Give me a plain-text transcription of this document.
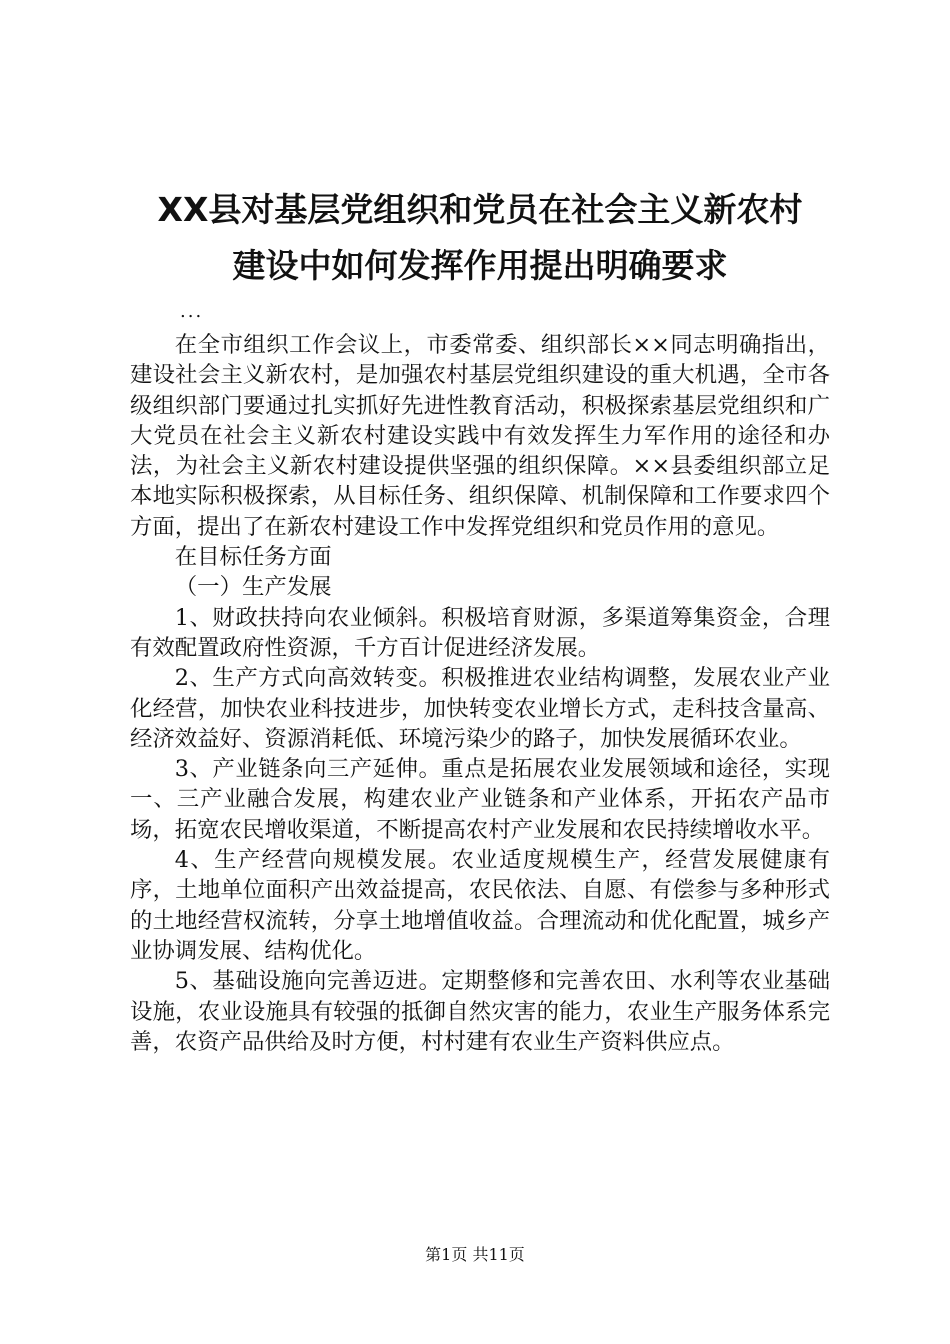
XX县对基层党组织和党员在社会主义新农村
建设中如何发挥作用提出明确要求
...

在全市组织工作会议上，市委常委、组织部长××同志明确指出，建设社会主义新农村，是加强农村基层党组织建设的重大机遇，全市各级组织部门要通过扎实抓好先进性教育活动，积极探索基层党组织和广大党员在社会主义新农村建设实践中有效发挥生力军作用的途径和办法，为社会主义新农村建设提供坚强的组织保障。××县委组织部立足本地实际积极探索，从目标任务、组织保障、机制保障和工作要求四个方面，提出了在新农村建设工作中发挥党组织和党员作用的意见。

在目标任务方面

（一）生产发展

1、财政扶持向农业倾斜。积极培育财源，多渠道筹集资金，合理有效配置政府性资源，千方百计促进经济发展。

2、生产方式向高效转变。积极推进农业结构调整，发展农业产业化经营，加快农业科技进步，加快转变农业增长方式，走科技含量高、经济效益好、资源消耗低、环境污染少的路子，加快发展循环农业。

3、产业链条向三产延伸。重点是拓展农业发展领域和途径，实现一、三产业融合发展，构建农业产业链条和产业体系，开拓农产品市场，拓宽农民增收渠道，不断提高农村产业发展和农民持续增收水平。

4、生产经营向规模发展。农业适度规模生产，经营发展健康有序，土地单位面积产出效益提高，农民依法、自愿、有偿参与多种形式的土地经营权流转，分享土地增值收益。合理流动和优化配置，城乡产业协调发展、结构优化。

5、基础设施向完善迈进。定期整修和完善农田、水利等农业基础设施，农业设施具有较强的抵御自然灾害的能力，农业生产服务体系完善，农资产品供给及时方便，村村建有农业生产资料供应点。

第1页 共11页
